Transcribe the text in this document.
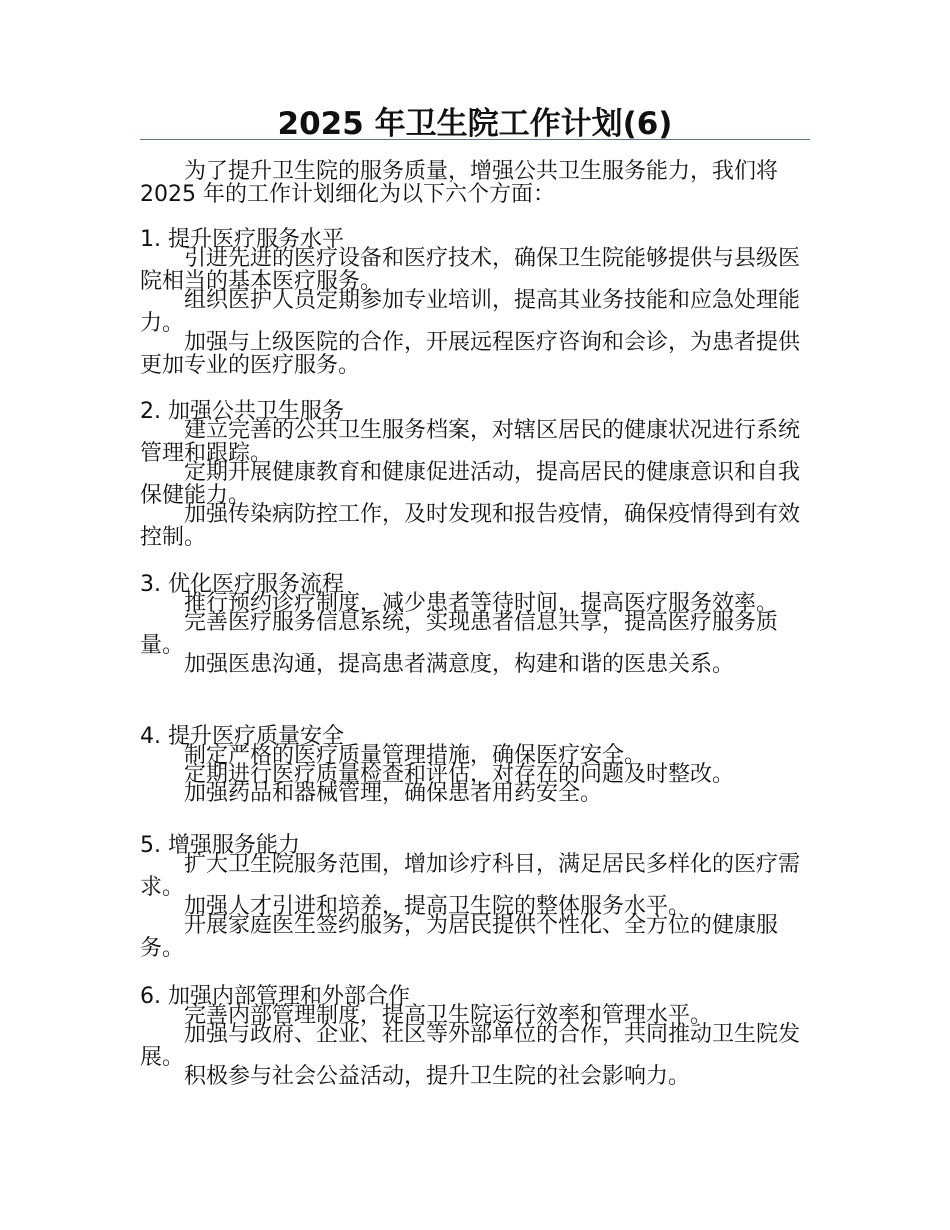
2025 年卫生院工作计划(6)

为了提升卫生院的服务质量，增强公共卫生服务能力，我们将 2025 年的工作计划细化为以下六个方面：

1. 提升医疗服务水平

引进先进的医疗设备和医疗技术，确保卫生院能够提供与县级医院相当的基本医疗服务。

组织医护人员定期参加专业培训，提高其业务技能和应急处理能力。

加强与上级医院的合作，开展远程医疗咨询和会诊，为患者提供更加专业的医疗服务。

2. 加强公共卫生服务

建立完善的公共卫生服务档案，对辖区居民的健康状况进行系统管理和跟踪。

定期开展健康教育和健康促进活动，提高居民的健康意识和自我保健能力。

加强传染病防控工作，及时发现和报告疫情，确保疫情得到有效控制。

3. 优化医疗服务流程

推行预约诊疗制度，减少患者等待时间，提高医疗服务效率。

完善医疗服务信息系统，实现患者信息共享，提高医疗服务质量。

加强医患沟通，提高患者满意度，构建和谐的医患关系。

4. 提升医疗质量安全

制定严格的医疗质量管理措施，确保医疗安全。

定期进行医疗质量检查和评估，对存在的问题及时整改。

加强药品和器械管理，确保患者用药安全。

5. 增强服务能力

扩大卫生院服务范围，增加诊疗科目，满足居民多样化的医疗需求。

加强人才引进和培养，提高卫生院的整体服务水平。

开展家庭医生签约服务，为居民提供个性化、全方位的健康服务。

6. 加强内部管理和外部合作

完善内部管理制度，提高卫生院运行效率和管理水平。

加强与政府、企业、社区等外部单位的合作，共同推动卫生院发展。

积极参与社会公益活动，提升卫生院的社会影响力。
